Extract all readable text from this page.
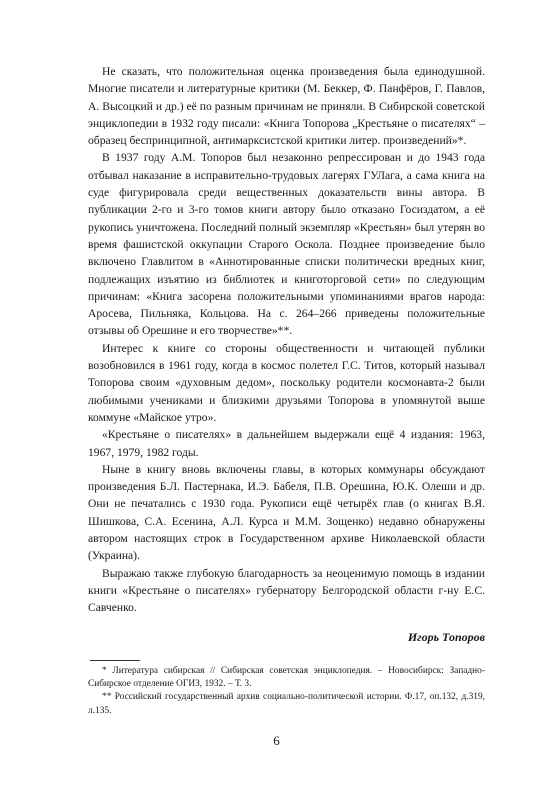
Не сказать, что положительная оценка произведения была единодушной. Многие писатели и литературные критики (М. Беккер, Ф. Панфёров, Г. Павлов, А. Высоцкий и др.) её по разным причинам не приняли. В Сибирской советской энциклопедии в 1932 году писали: «Книга Топорова „Крестьяне о писателях“ – образец беспринципной, антимарксистской критики литер. произведений»*.

В 1937 году А.М. Топоров был незаконно репрессирован и до 1943 года отбывал наказание в исправительно-трудовых лагерях ГУЛага, а сама книга на суде фигурировала среди вещественных доказательств вины автора. В публикации 2-го и 3-го томов книги автору было отказано Госиздатом, а её рукопись уничтожена. Последний полный экземпляр «Крестьян» был утерян во время фашистской оккупации Старого Оскола. Позднее произведение было включено Главлитом в «Аннотированные списки политически вредных книг, подлежащих изъятию из библиотек и книготорговой сети» по следующим причинам: «Книга засорена положительными упоминаниями врагов народа: Аросева, Пильняка, Кольцова. На с. 264–266 приведены положительные отзывы об Орешине и его творчестве»**.

Интерес к книге со стороны общественности и читающей публики возобновился в 1961 году, когда в космос полетел Г.С. Титов, который назывaл Топорова своим «духовным дедом», поскольку родители космонавта-2 были любимыми учениками и близкими друзьями Топорова в упомянутой выше коммуне «Майское утро».

«Крестьяне о писателях» в дальнейшем выдержали ещё 4 издания: 1963, 1967, 1979, 1982 годы.

Ныне в книгу вновь включены главы, в которых коммунары обсуждают произведения Б.Л. Пастернака, И.Э. Бабеля, П.В. Орешина, Ю.К. Олеши и др. Они не печатались с 1930 года. Рукописи ещё четырёх глав (о книгах В.Я. Шишкова, С.А. Есенина, А.Л. Курса и М.М. Зощенко) недавно обнаружены автором настоящих строк в Государственном архиве Николаевской области (Украина).

Выражаю также глубокую благодарность за неоценимую помощь в издании книги «Крестьяне о писателях» губернатору Белгородской области г-ну Е.С. Савченко.

Игорь Топоров

* Литература сибирская // Сибирская советская энциклопедия. – Новосибирск: Западно-Сибирское отделение ОГИЗ, 1932. – Т. 3.

** Российский государственный архив социально-политической истории. Ф.17, оп.132, д.319, л.135.

6
